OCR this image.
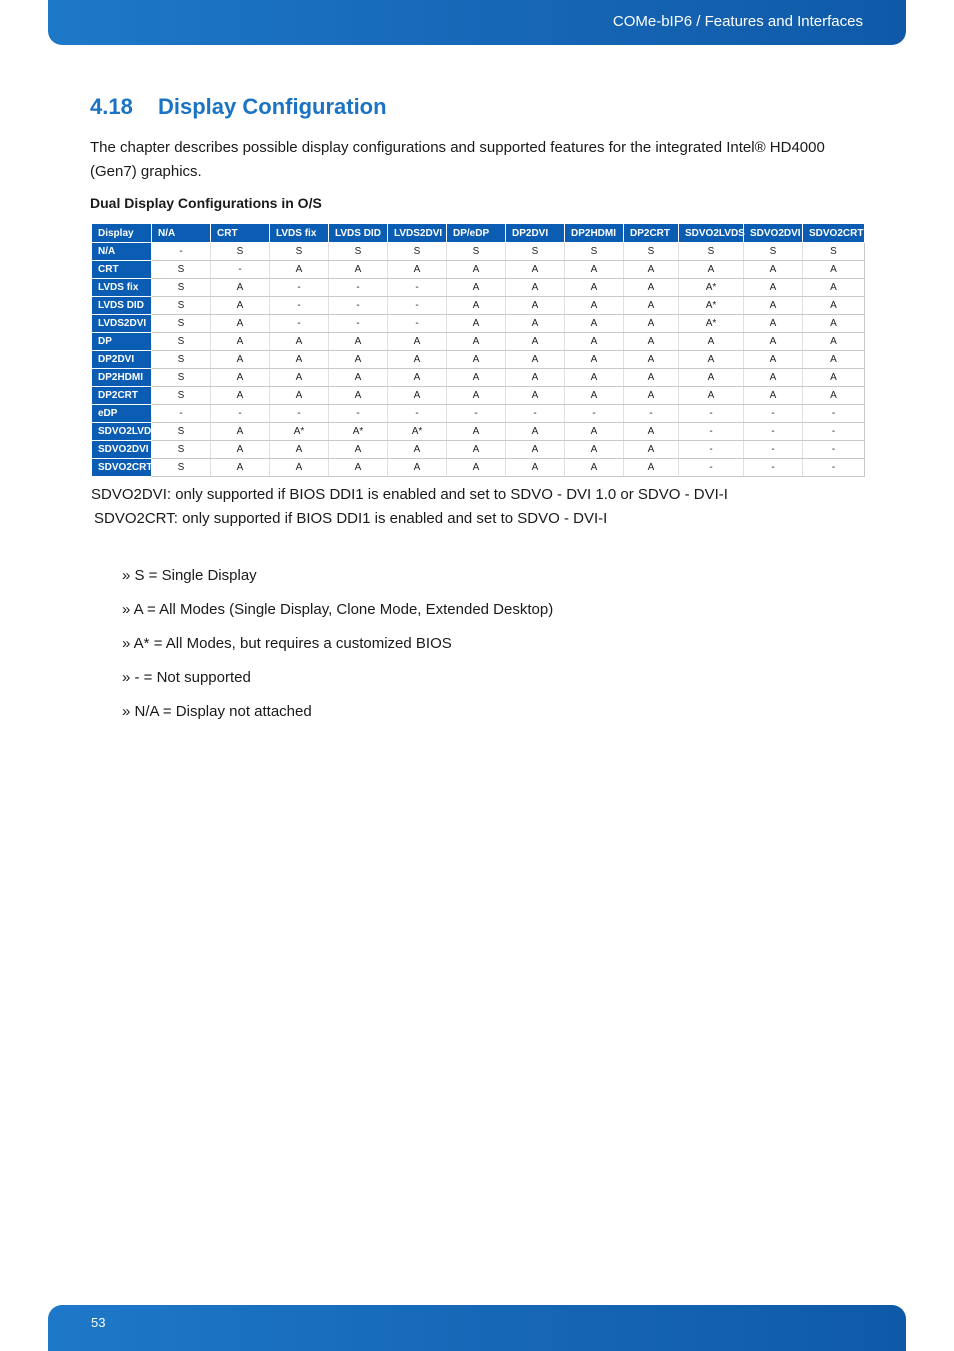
COMe-bIP6 / Features and Interfaces
4.18 Display Configuration

The chapter describes possible display configurations and supported features for the integrated Intel® HD4000 (Gen7) graphics.

Dual Display Configurations in O/S
Display	N/A	CRT	LVDS fix	LVDS DID	LVDS2DVI	DP/eDP	DP2DVI	DP2HDMI	DP2CRT	SDVO2LVDS	SDVO2DVI	SDVO2CRT
N/A	-	S	S	S	S	S	S	S	S	S	S	S
CRT	S	-	A	A	A	A	A	A	A	A	A	A
LVDS fix	S	A	-	-	-	A	A	A	A	A*	A	A
LVDS DID	S	A	-	-	-	A	A	A	A	A*	A	A
LVDS2DVI	S	A	-	-	-	A	A	A	A	A*	A	A
DP	S	A	A	A	A	A	A	A	A	A	A	A
DP2DVI	S	A	A	A	A	A	A	A	A	A	A	A
DP2HDMI	S	A	A	A	A	A	A	A	A	A	A	A
DP2CRT	S	A	A	A	A	A	A	A	A	A	A	A
eDP	-	-	-	-	-	-	-	-	-	-	-	-
SDVO2LVDS	S	A	A*	A*	A*	A	A	A	A	-	-	-
SDVO2DVI	S	A	A	A	A	A	A	A	A	-	-	-
SDVO2CRT	S	A	A	A	A	A	A	A	A	-	-	-

SDVO2DVI: only supported if BIOS DDI1 is enabled and set to SDVO - DVI 1.0 or SDVO - DVI-I

SDVO2CRT: only supported if BIOS DDI1 is enabled and set to SDVO - DVI-I

» S = Single Display
» A = All Modes (Single Display, Clone Mode, Extended Desktop)
» A* = All Modes, but requires a customized BIOS
» - = Not supported
» N/A = Display not attached
53
